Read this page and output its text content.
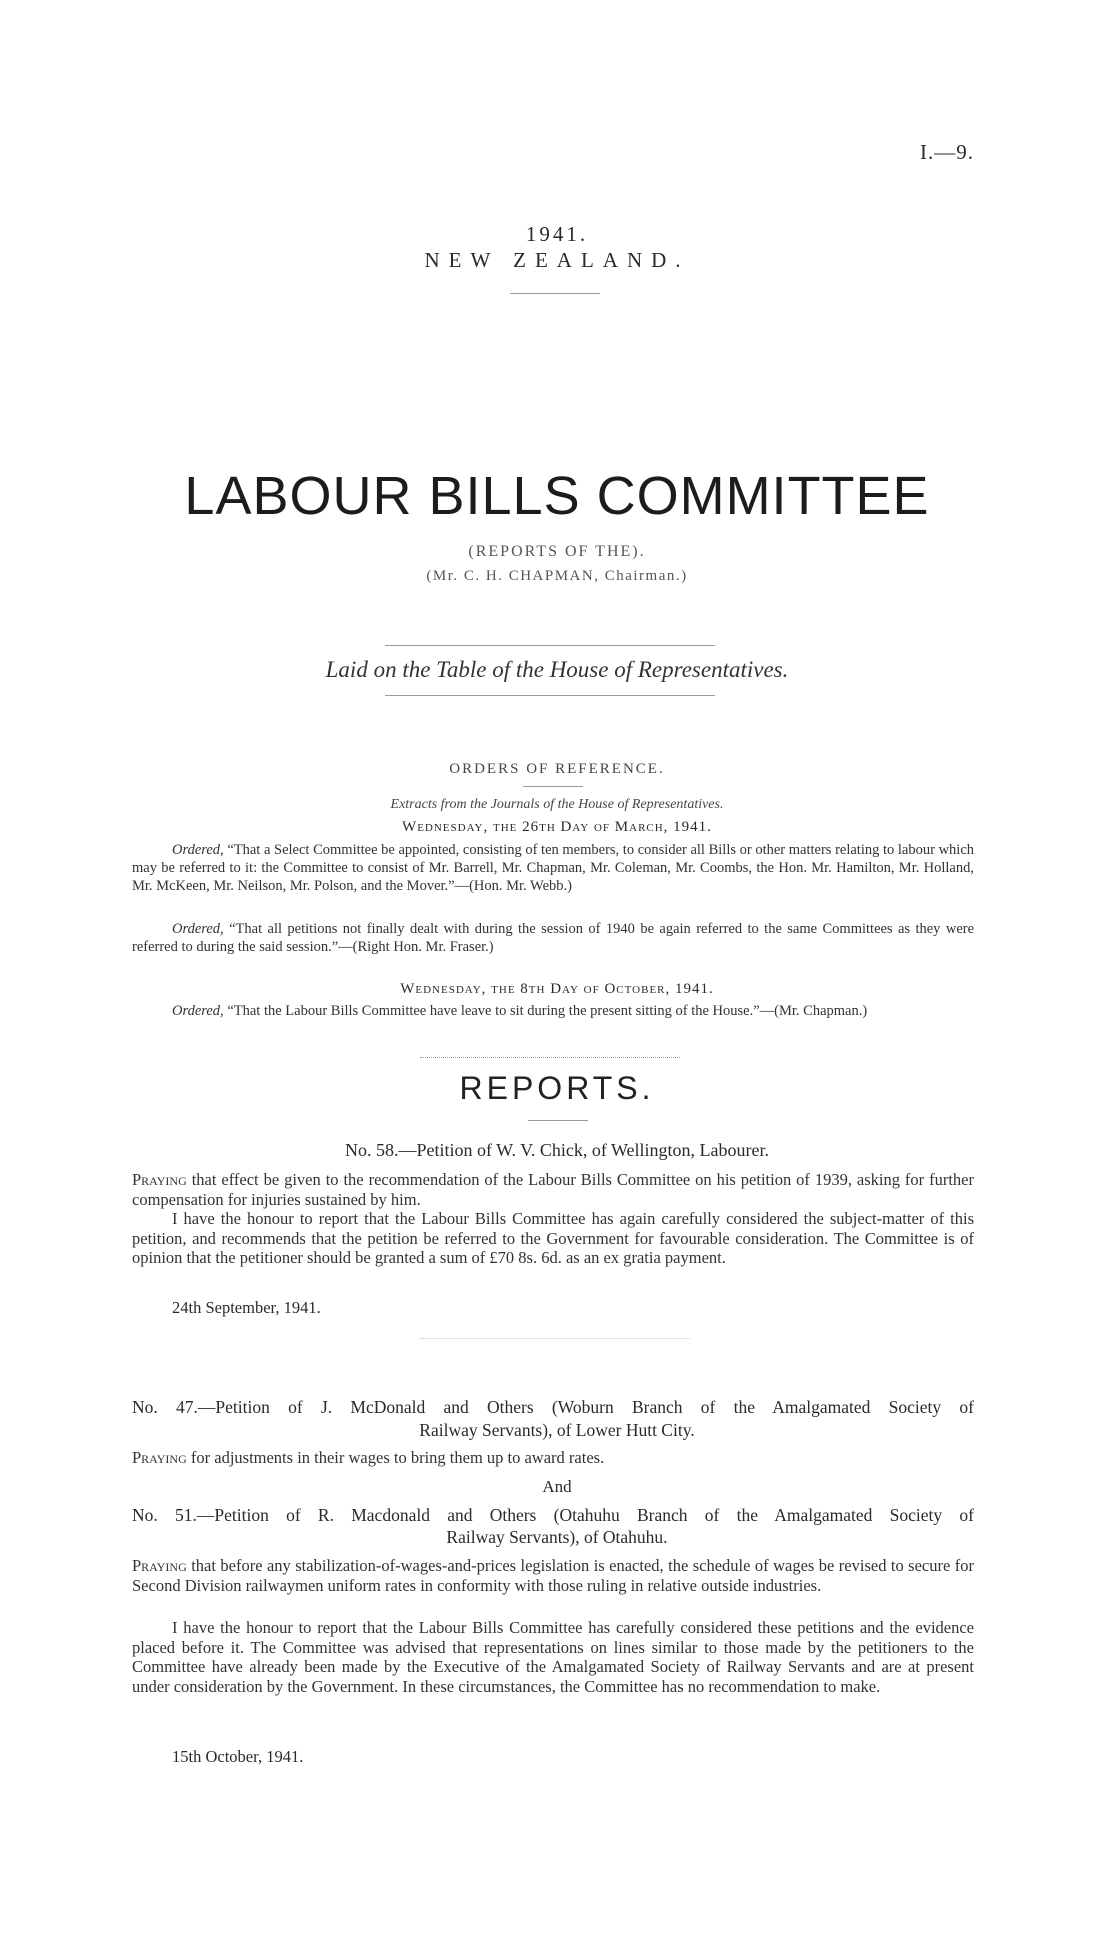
I.—9.
1941.
NEW ZEALAND.
LABOUR BILLS COMMITTEE
(REPORTS OF THE).
(Mr. C. H. CHAPMAN, Chairman.)
Laid on the Table of the House of Representatives.
ORDERS OF REFERENCE.
Extracts from the Journals of the House of Representatives.
Wednesday, the 26th Day of March, 1941.
Ordered, “That a Select Committee be appointed, consisting of ten members, to consider all Bills or other matters relating to labour which may be referred to it: the Committee to consist of Mr. Barrell, Mr. Chapman, Mr. Coleman, Mr. Coombs, the Hon. Mr. Hamilton, Mr. Holland, Mr. McKeen, Mr. Neilson, Mr. Polson, and the Mover.”—(Hon. Mr. Webb.)
Ordered, “That all petitions not finally dealt with during the session of 1940 be again referred to the same Committees as they were referred to during the said session.”—(Right Hon. Mr. Fraser.)
Wednesday, the 8th Day of October, 1941.
Ordered, “That the Labour Bills Committee have leave to sit during the present sitting of the House.”—(Mr. Chapman.)
REPORTS.
No. 58.—Petition of W. V. Chick, of Wellington, Labourer.
Praying that effect be given to the recommendation of the Labour Bills Committee on his petition of 1939, asking for further compensation for injuries sustained by him.
I have the honour to report that the Labour Bills Committee has again carefully considered the subject-matter of this petition, and recommends that the petition be referred to the Government for favourable consideration. The Committee is of opinion that the petitioner should be granted a sum of £70 8s. 6d. as an ex gratia payment.
24th September, 1941.
No. 47.—Petition of J. McDonald and Others (Woburn Branch of the Amalgamated Society of
Railway Servants), of Lower Hutt City.
Praying for adjustments in their wages to bring them up to award rates.
And
No. 51.—Petition of R. Macdonald and Others (Otahuhu Branch of the Amalgamated Society of
Railway Servants), of Otahuhu.
Praying that before any stabilization-of-wages-and-prices legislation is enacted, the schedule of wages be revised to secure for Second Division railwaymen uniform rates in conformity with those ruling in relative outside industries.
I have the honour to report that the Labour Bills Committee has carefully considered these petitions and the evidence placed before it. The Committee was advised that representations on lines similar to those made by the petitioners to the Committee have already been made by the Executive of the Amalgamated Society of Railway Servants and are at present under consideration by the Government. In these circumstances, the Committee has no recommendation to make.
15th October, 1941.
